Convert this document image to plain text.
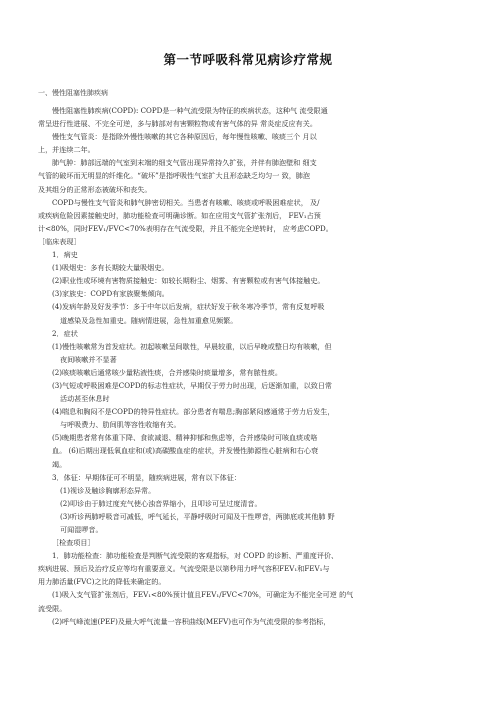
第一节呼吸科常见病诊疗常规
一、慢性阻塞性肺疾病

慢性阻塞性肺疾病(COPD): COPD是一种气流受限为特征的疾病状态，这种气 流受限通

常呈进行性进展、不完全可逆，多与肺部对有害颗粒物或有害气体的异 常炎症反应有关。

慢性支气管炎：是指除外慢性咳嗽的其它各种原因后，每年慢性咳嗽、咳痰三个 月以

上，并连续二年。

肺气肿：肺部远端的气室到末端的细支气管出现异常持久扩张，并伴有肺泡壁和 细支

气管的破坏而无明显的纤维化。“破坏”是指呼吸性气室扩大且形态缺乏均匀一 致，肺泡

及其组分的正常形态被破坏和丧失。

COPD与慢性支气管炎和肺气肿密切相关。当患者有咳嗽、咳痰或呼吸困难症状， 及/

或疾病危险因素接触史时，肺功能检查可明确诊断。如在应用支气管扩张剂后， FEV₁占预

计<80%，同时FEV₁/FVC<70%表明存在气流受限，并且不能完全逆转时， 应考虑COPD。

［临床表现］

1．病史

(1)吸烟史：多有长期较大量吸烟史。

(2)职业性或环境有害物质接触史：如较长期粉尘、烟雾、有害颗粒或有害气体接触史。

(3)家族史：COPD有家族聚集倾向。

(4)发病年龄及好发季节：多于中年以后发病，症状好发于秋冬寒冷季节，常有反复呼吸

道感染及急性加重史。随病情进展，急性加重愈见频繁。

2．症状

(1)慢性咳嗽常为首发症状。初起咳嗽呈间歇性，早晨较重，以后早晚或整日均有咳嗽，但

夜间咳嗽并不显著

(2)咳痰咳嗽后通常咳少量粘液性痰，合并感染时痰量增多，常有脓性痰。

(3)气短或呼吸困难是COPD的标志性症状，早期仅于劳力时出现，后逐渐加重，以致日常

活动甚至休息时

(4)喘息和胸闷不是COPD的特异性症状。部分患者有喘息;胸部紧闷感通常于劳力后发生，

与呼吸费力、肋间肌等容性收缩有关。

(5)晚期患者常有体重下降、食欲减退、精神抑郁和焦虑等，合并感染时可咳血痰或咯

血。 (6)后期出现低氧血症和(或)高碳酸血症的症状，并发慢性肺源性心脏病和右心衰

竭。

3．体征：早期体征可不明显，随疾病进展，常有以下体征：

(1)视诊及触诊胸廓形态异常。

(2)叩诊由于肺过度充气使心浊音界缩小，且叩诊可呈过度清音。

(3)听诊两肺呼吸音可减低，呼气延长，平静呼吸时可闻及干性啰音，两肺底或其他肺 野

可闻湿啰音。

［检查项目］

1．肺功能检查：肺功能检查是判断气流受限的客观指标，对 COPD 的诊断、严重度评价、

疾病进展、预后及治疗反应等均有重要意义。气流受限是以第秒用力呼气容积FEV₁和FEV₁与

用力肺活量(FVC)之比的降低来确定的。

(1)吸入支气管扩张剂后，FEV₁<80%预计值且FEV₁/FVC<70%，可确定为不能完全可逆 的气

流受限。

(2)呼气峰流速(PEF)及最大呼气流量一容积曲线(MEFV)也可作为气流受限的参考指标，
